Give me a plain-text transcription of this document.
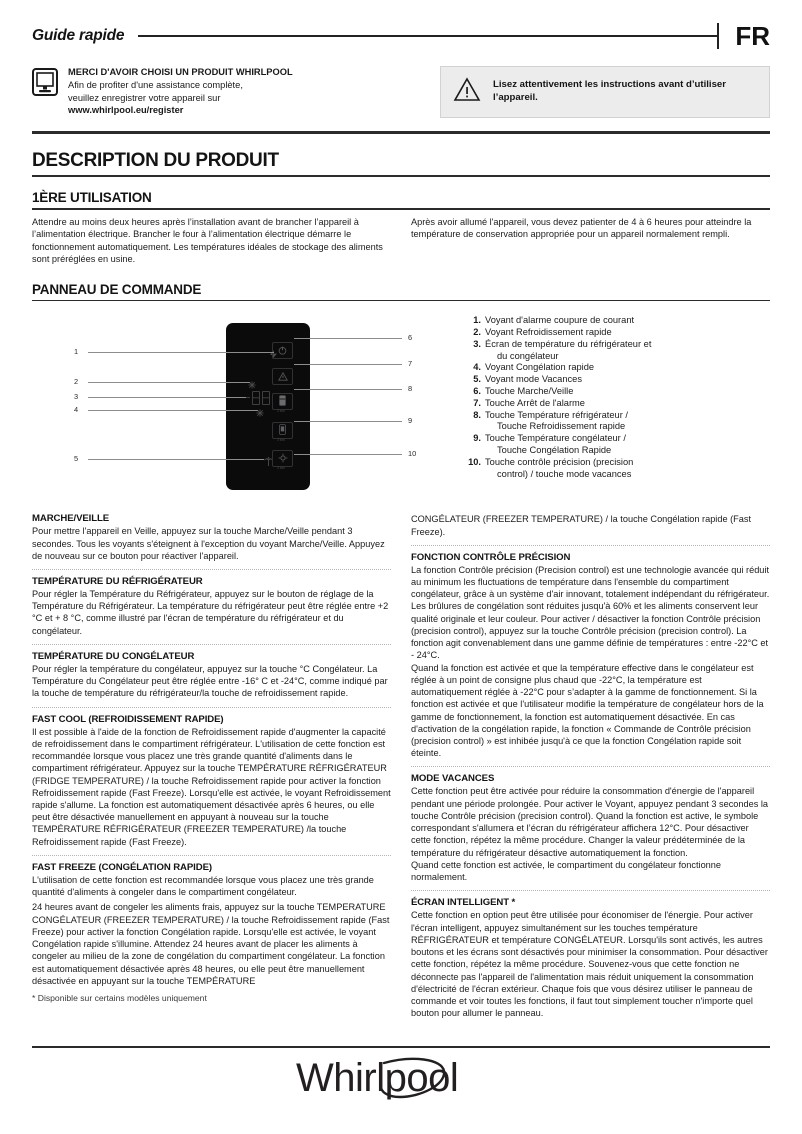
Guide rapide	FR
MERCI D'AVOIR CHOISI UN PRODUIT WHIRLPOOL
Afin de profiter d'une assistance complète,
veuillez enregistrer votre appareil sur
www.whirlpool.eu/register
Lisez attentivement les instructions avant d’utiliser l’appareil.
DESCRIPTION DU PRODUIT
1ÈRE UTILISATION

Attendre au moins deux heures après l’installation avant de brancher l’appareil à l’alimentation électrique. Brancher le four à l’alimentation électrique démarre le fonctionnement automatiquement. Les températures idéales de stockage des aliments sont préréglées en usine.

Après avoir allumé l'appareil, vous devez patienter de 4 à 6 heures pour atteindre la température de conservation appropriée pour un appareil normalement rempli.

PANNEAU DE COMMANDE
3 sec
3 sec
3 sec
1
2
3
4
5
6
7
8
9
10
1. Voyant d'alarme coupure de courant
2. Voyant Refroidissement rapide
3. Écran de température du réfrigérateur et
du congélateur
4. Voyant Congélation rapide
5. Voyant mode Vacances
6. Touche Marche/Veille
7. Touche Arrêt de l'alarme
8. Touche Température réfrigérateur /
Touche Refroidissement rapide
9. Touche Température congélateur /
Touche Congélation Rapide
10. Touche contrôle précision (precision
control) / touche mode vacances
MARCHE/VEILLE

Pour mettre l'appareil en Veille, appuyez sur la touche Marche/Veille pendant 3 secondes. Tous les voyants s'éteignent à l'exception du voyant Marche/Veille. Appuyez de nouveau sur ce bouton pour réactiver l'appareil.

TEMPÉRATURE DU RÉFRIGÉRATEUR

Pour régler la Température du Réfrigérateur, appuyez sur le bouton de réglage de la Température du Réfrigérateur. La température du réfrigérateur peut être réglée entre +2 °C et + 8 °C, comme illustré par l'écran de température du réfrigérateur et du congélateur.

TEMPÉRATURE DU CONGÉLATEUR

Pour régler la température du congélateur, appuyez sur la touche °C Congélateur. La Température du Congélateur peut être réglée entre -16° C et -24°C, comme indiqué par la touche de température du réfrigérateur/la touche de refroidissement rapide.

FAST COOL (REFROIDISSEMENT RAPIDE)

Il est possible à l'aide de la fonction de Refroidissement rapide d'augmenter la capacité de refroidissement dans le compartiment réfrigérateur. L'utilisation de cette fonction est recommandée lorsque vous placez une très grande quantité d'aliments dans le compartiment réfrigérateur. Appuyez sur la touche TEMPÉRATURE RÉFRIGÉRATEUR (FRIDGE TEMPERATURE) / la touche Refroidissement rapide pour activer la fonction Refroidissement rapide (Fast Freeze). Lorsqu'elle est activée, le voyant Refroidissement rapide s'allume. La fonction est automatiquement désactivée après 6 heures, ou elle peut être désactivée manuellement en appuyant à nouveau sur la touche TEMPÉRATURE RÉFRIGÉRATEUR (FREEZER TEMPERATURE) /la touche Refroidissement rapide (Fast Freeze).

FAST FREEZE (CONGÉLATION RAPIDE)

L'utilisation de cette fonction est recommandée lorsque vous placez une très grande quantité d'aliments à congeler dans le compartiment congélateur.

24 heures avant de congeler les aliments frais, appuyez sur la touche TEMPERATURE CONGÉLATEUR (FREEZER TEMPERATURE) / la touche Refroidissement rapide (Fast Freeze) pour activer la fonction Congélation rapide. Lorsqu'elle est activée, le voyant Congélation rapide s'illumine. Attendez 24 heures avant de placer les aliments à congeler au milieu de la zone de congélation du compartiment congélateur. La fonction est automatiquement désactivée après 48 heures, ou elle peut être manuellement désactivée en appuyant sur la touche TEMPÉRATURE

* Disponible sur certains modèles uniquement

CONGÉLATEUR (FREEZER TEMPERATURE) / la touche Congélation rapide (Fast Freeze).

FONCTION CONTRÔLE PRÉCISION

La fonction Contrôle précision (Precision control) est une technologie avancée qui réduit au minimum les fluctuations de température dans l'ensemble du compartiment congélateur, grâce à un système d'air innovant, totalement indépendant du réfrigérateur. Les brûlures de congélation sont réduites jusqu'à 60% et les aliments conservent leur qualité originale et leur couleur. Pour activer / désactiver la fonction Contrôle précision (precision control), appuyez sur la touche Contrôle précision (precision control). La fonction agit convenablement dans une gamme définie de températures : entre -22°C et - 24°C.

Quand la fonction est activée et que la température effective dans le congélateur est réglée à un point de consigne plus chaud que -22°C, la température est automatiquement réglée à -22°C pour s’adapter à la gamme de fonctionnement. Si la fonction est activée et que l'utilisateur modifie la température de congélateur hors de la gamme de fonctionnement, la fonction est automatiquement désactivée. En cas d'activation de la congélation rapide, la fonction « Commande de Contrôle précision (precision control) » est inhibée jusqu'à ce que la fonction Congélation rapide soit éteinte.

MODE VACANCES

Cette fonction peut être activée pour réduire la consommation d'énergie de l'appareil pendant une période prolongée. Pour activer le Voyant, appuyez pendant 3 secondes la touche Contrôle précision (precision control). Quand la fonction est active, le symbole correspondant s'allumera et l’écran du réfrigérateur affichera 12°C. Pour désactiver cette fonction, répétez la même procédure. Changer la valeur prédéterminée de la température du réfrigérateur désactive automatiquement la fonction.

Quand cette fonction est activée, le compartiment du congélateur fonctionne normalement.

ÉCRAN INTELLIGENT *

Cette fonction en option peut être utilisée pour économiser de l'énergie. Pour activer l'écran intelligent, appuyez simultanément sur les touches température RÉFRIGÉRATEUR et température CONGÉLATEUR. Lorsqu'ils sont activés, les autres boutons et les écrans sont désactivés pour minimiser la consommation. Pour désactiver cette fonction, répétez la même procédure. Souvenez-vous que cette fonction ne déconnecte pas l'appareil de l'alimentation mais réduit uniquement la consommation d'électricité de l'écran extérieur. Chaque fois que vous désirez utiliser le panneau de commande et voir toutes les fonctions, il faut tout simplement toucher n'importe quel bouton pour allumer le panneau.

Whirlpool
